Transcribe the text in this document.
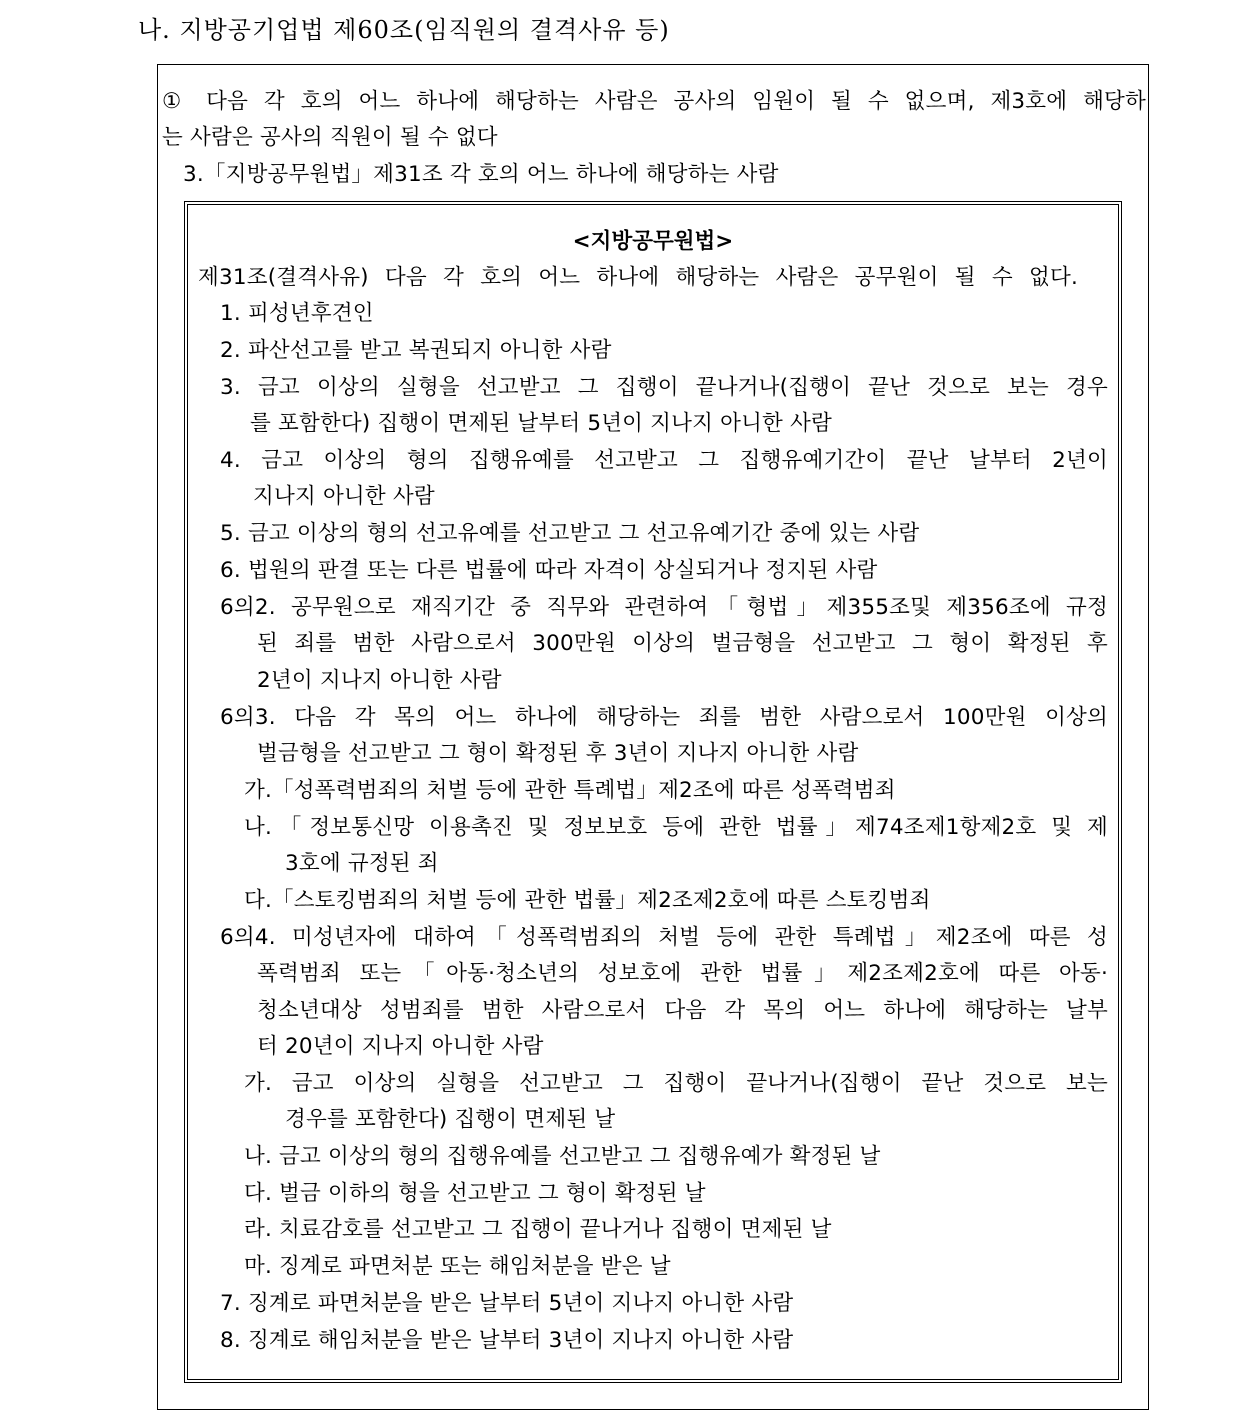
나. 지방공기업법 제60조(임직원의 결격사유 등)
① 다음 각 호의 어느 하나에 해당하는 사람은 공사의 임원이 될 수 없으며, 제3호에 해당하
는 사람은 공사의 직원이 될 수 없다
3.「지방공무원법」제31조 각 호의 어느 하나에 해당하는 사람
<지방공무원법>
제31조(결격사유) 다음 각 호의 어느 하나에 해당하는 사람은 공무원이 될 수 없다.
1. 피성년후견인
2. 파산선고를 받고 복권되지 아니한 사람
3. 금고 이상의 실형을 선고받고 그 집행이 끝나거나(집행이 끝난 것으로 보는 경우
를 포함한다) 집행이 면제된 날부터 5년이 지나지 아니한 사람
4. 금고 이상의 형의 집행유예를 선고받고 그 집행유예기간이 끝난 날부터 2년이
지나지 아니한 사람
5. 금고 이상의 형의 선고유예를 선고받고 그 선고유예기간 중에 있는 사람
6. 법원의 판결 또는 다른 법률에 따라 자격이 상실되거나 정지된 사람
6의2. 공무원으로 재직기간 중 직무와 관련하여「형법」제355조및 제356조에 규정
된 죄를 범한 사람으로서 300만원 이상의 벌금형을 선고받고 그 형이 확정된 후
2년이 지나지 아니한 사람
6의3. 다음 각 목의 어느 하나에 해당하는 죄를 범한 사람으로서 100만원 이상의
벌금형을 선고받고 그 형이 확정된 후 3년이 지나지 아니한 사람
가.「성폭력범죄의 처벌 등에 관한 특례법」제2조에 따른 성폭력범죄
나.「정보통신망 이용촉진 및 정보보호 등에 관한 법률」제74조제1항제2호 및 제
3호에 규정된 죄
다.「스토킹범죄의 처벌 등에 관한 법률」제2조제2호에 따른 스토킹범죄
6의4. 미성년자에 대하여「성폭력범죄의 처벌 등에 관한 특례법」제2조에 따른 성
폭력범죄 또는「아동·청소년의 성보호에 관한 법률」제2조제2호에 따른 아동·
청소년대상 성범죄를 범한 사람으로서 다음 각 목의 어느 하나에 해당하는 날부
터 20년이 지나지 아니한 사람
가. 금고 이상의 실형을 선고받고 그 집행이 끝나거나(집행이 끝난 것으로 보는
경우를 포함한다) 집행이 면제된 날
나. 금고 이상의 형의 집행유예를 선고받고 그 집행유예가 확정된 날
다. 벌금 이하의 형을 선고받고 그 형이 확정된 날
라. 치료감호를 선고받고 그 집행이 끝나거나 집행이 면제된 날
마. 징계로 파면처분 또는 해임처분을 받은 날
7. 징계로 파면처분을 받은 날부터 5년이 지나지 아니한 사람
8. 징계로 해임처분을 받은 날부터 3년이 지나지 아니한 사람
